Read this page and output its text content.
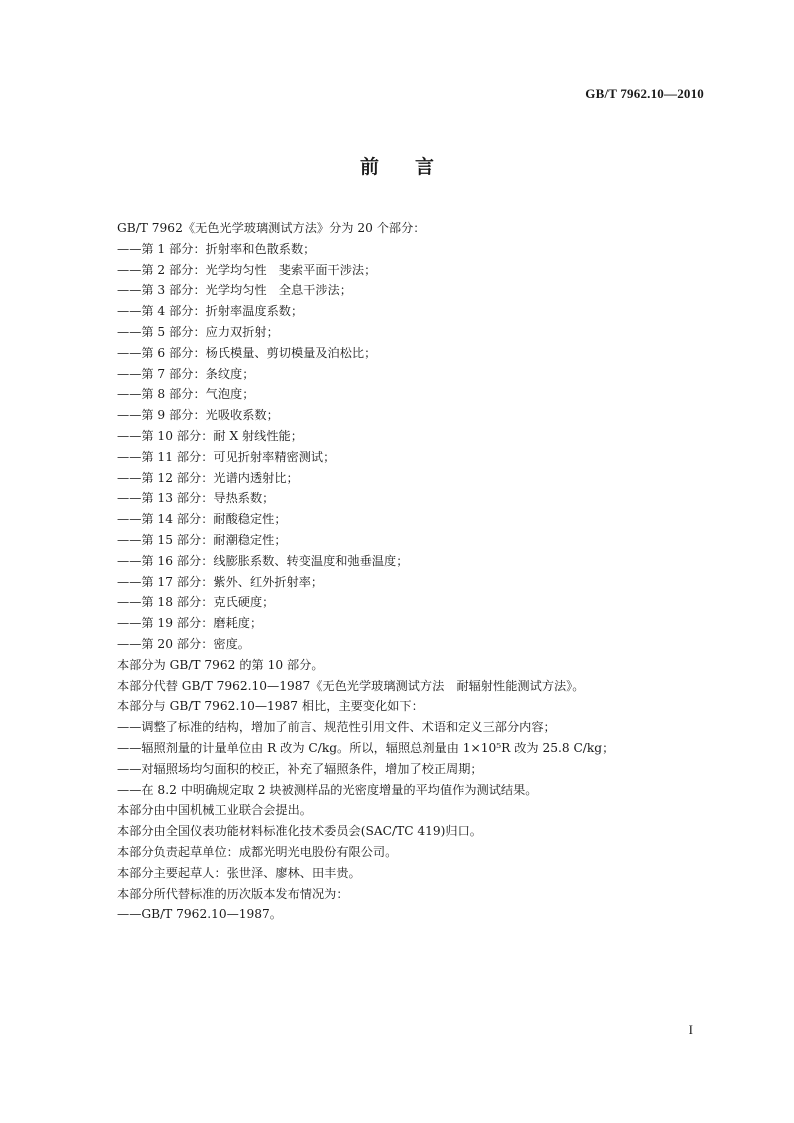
GB/T 7962.10—2010
前言
GB/T 7962《无色光学玻璃测试方法》分为 20 个部分：
——第 1 部分：折射率和色散系数；
——第 2 部分：光学均匀性　斐索平面干涉法；
——第 3 部分：光学均匀性　全息干涉法；
——第 4 部分：折射率温度系数；
——第 5 部分：应力双折射；
——第 6 部分：杨氏模量、剪切模量及泊松比；
——第 7 部分：条纹度；
——第 8 部分：气泡度；
——第 9 部分：光吸收系数；
——第 10 部分：耐 X 射线性能；
——第 11 部分：可见折射率精密测试；
——第 12 部分：光谱内透射比；
——第 13 部分：导热系数；
——第 14 部分：耐酸稳定性；
——第 15 部分：耐潮稳定性；
——第 16 部分：线膨胀系数、转变温度和弛垂温度；
——第 17 部分：紫外、红外折射率；
——第 18 部分：克氏硬度；
——第 19 部分：磨耗度；
——第 20 部分：密度。
本部分为 GB/T 7962 的第 10 部分。
本部分代替 GB/T 7962.10—1987《无色光学玻璃测试方法　耐辐射性能测试方法》。
本部分与 GB/T 7962.10—1987 相比，主要变化如下：
——调整了标准的结构，增加了前言、规范性引用文件、术语和定义三部分内容；
——辐照剂量的计量单位由 R 改为 C/kg。所以，辐照总剂量由 1×10⁵R 改为 25.8 C/kg；
——对辐照场均匀面积的校正，补充了辐照条件，增加了校正周期；
——在 8.2 中明确规定取 2 块被测样品的光密度增量的平均值作为测试结果。
本部分由中国机械工业联合会提出。
本部分由全国仪表功能材料标准化技术委员会(SAC/TC 419)归口。
本部分负责起草单位：成都光明光电股份有限公司。
本部分主要起草人：张世泽、廖林、田丰贵。
本部分所代替标准的历次版本发布情况为：
——GB/T 7962.10—1987。
I
